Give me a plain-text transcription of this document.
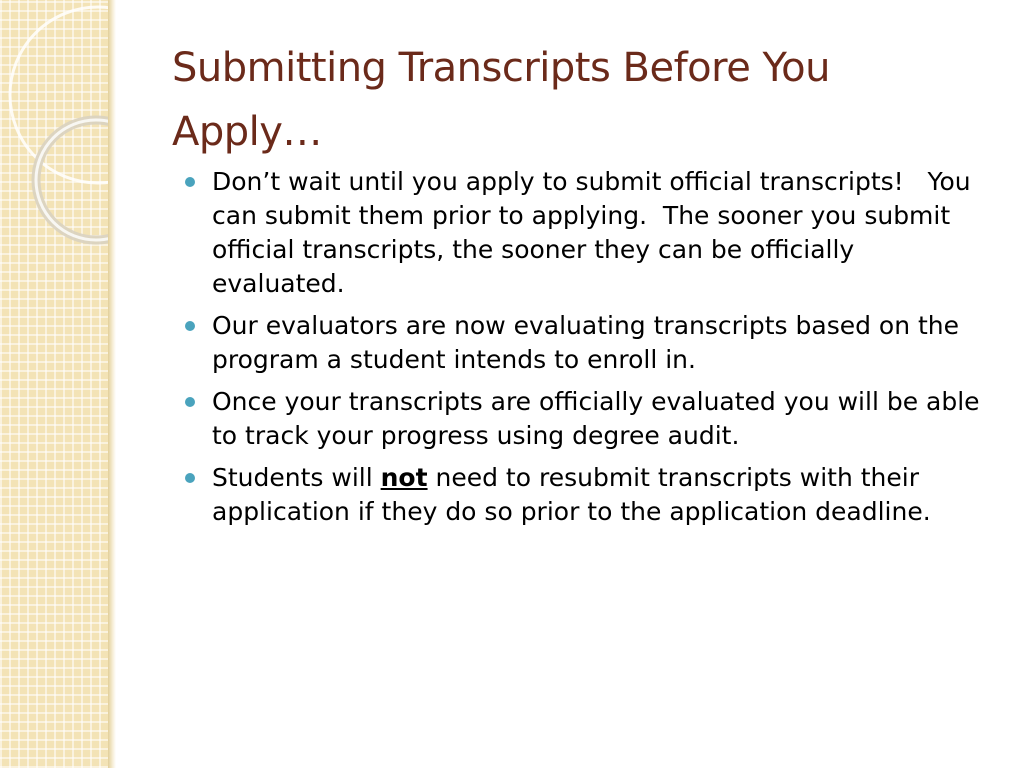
Submitting Transcripts Before You Apply…
Don’t wait until you apply to submit official transcripts!   You can submit them prior to applying.  The sooner you submit official transcripts, the sooner they can be officially evaluated.
Our evaluators are now evaluating transcripts based on the program a student intends to enroll in.
Once your transcripts are officially evaluated you will be able to track your progress using degree audit.
Students will not need to resubmit transcripts with their application if they do so prior to the application deadline.
